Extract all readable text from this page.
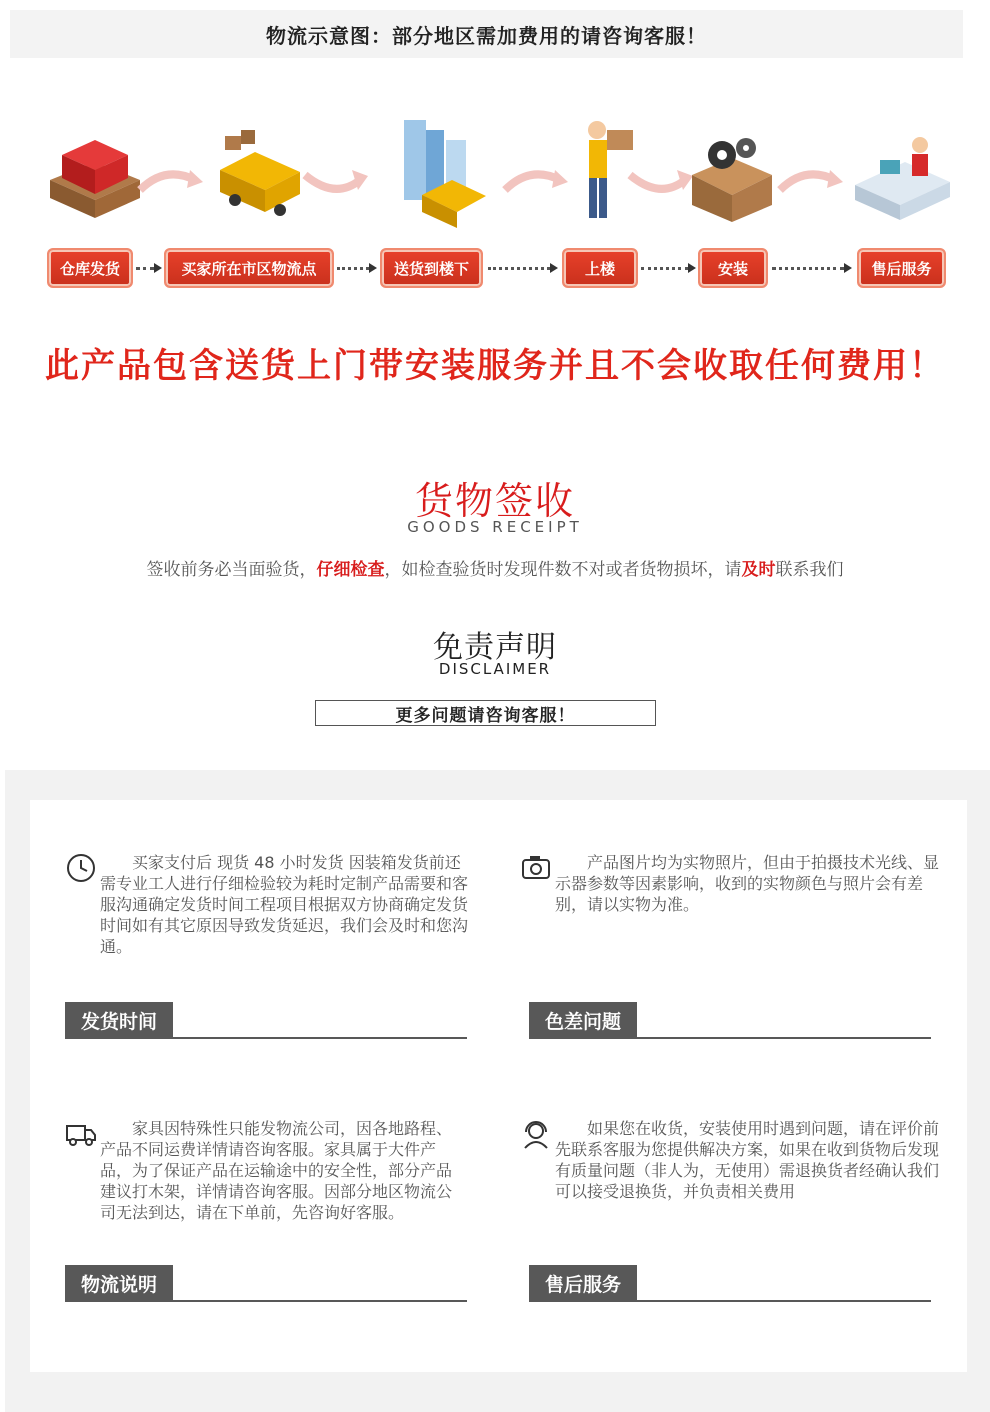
物流示意图：部分地区需加费用的请咨询客服！
仓库发货	买家所在市区物流点	送货到楼下	上楼	安装	售后服务
此产品包含送货上门带安装服务并且不会收取任何费用！
货物签收
GOODS RECEIPT
签收前务必当面验货，仔细检查，如检查验货时发现件数不对或者货物损坏，请及时联系我们
免责声明
DISCLAIMER
更多问题请咨询客服！
买家支付后 现货 48 小时发货 因装箱发货前还需专业工人进行仔细检验较为耗时定制产品需要和客服沟通确定发货时间工程项目根据双方协商确定发货时间如有其它原因导致发货延迟，我们会及时和您沟通。
发货时间
产品图片均为实物照片，但由于拍摄技术光线、显示器参数等因素影响，收到的实物颜色与照片会有差别，请以实物为准。
色差问题
家具因特殊性只能发物流公司，因各地路程、产品不同运费详情请咨询客服。家具属于大件产品，为了保证产品在运输途中的安全性，部分产品建议打木架，详情请咨询客服。因部分地区物流公司无法到达，请在下单前，先咨询好客服。
物流说明
如果您在收货，安装使用时遇到问题，请在评价前先联系客服为您提供解决方案，如果在收到货物后发现有质量问题（非人为，无使用）需退换货者经确认我们可以接受退换货，并负责相关费用
售后服务
